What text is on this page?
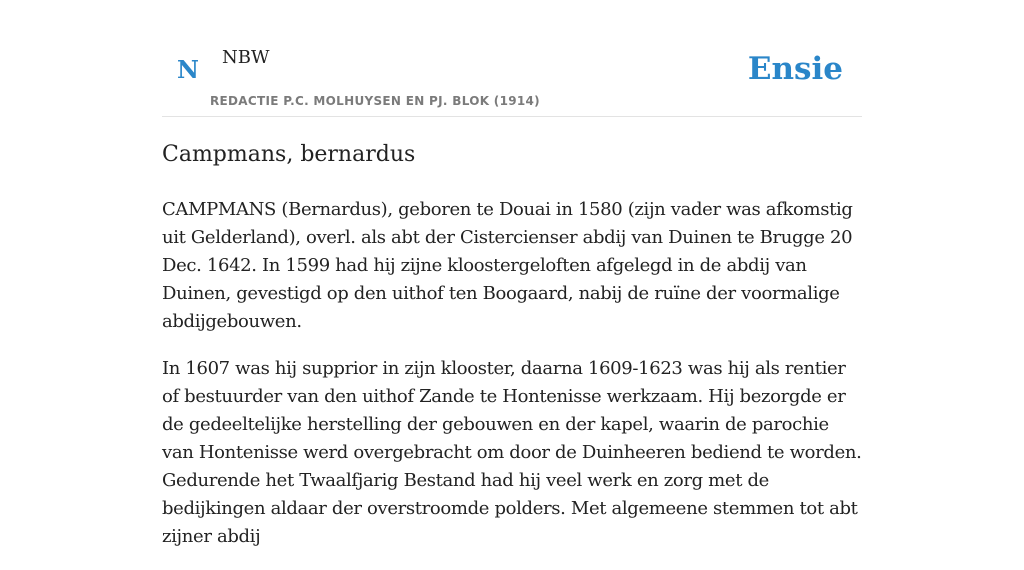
N NBW
REDACTIE P.C. MOLHUYSEN EN PJ. BLOK (1914)
Ensie
Campmans, bernardus

CAMPMANS (Bernardus), geboren te Douai in 1580 (zijn vader was afkomstig uit Gelderland), overl. als abt der Cistercienser abdij van Duinen te Brugge 20 Dec. 1642. In 1599 had hij zijne kloostergeloften afgelegd in de abdij van Duinen, gevestigd op den uithof ten Boogaard, nabij de ruïne der voormalige abdijgebouwen.

In 1607 was hij supprior in zijn klooster, daarna 1609-1623 was hij als rentier of bestuurder van den uithof Zande te Hontenisse werkzaam. Hij bezorgde er de gedeeltelijke herstelling der gebouwen en der kapel, waarin de parochie van Hontenisse werd overgebracht om door de Duinheeren bediend te worden. Gedurende het Twaalfjarig Bestand had hij veel werk en zorg met de bedijkingen aldaar der overstroomde polders. Met algemeene stemmen tot abt zijner abdij
